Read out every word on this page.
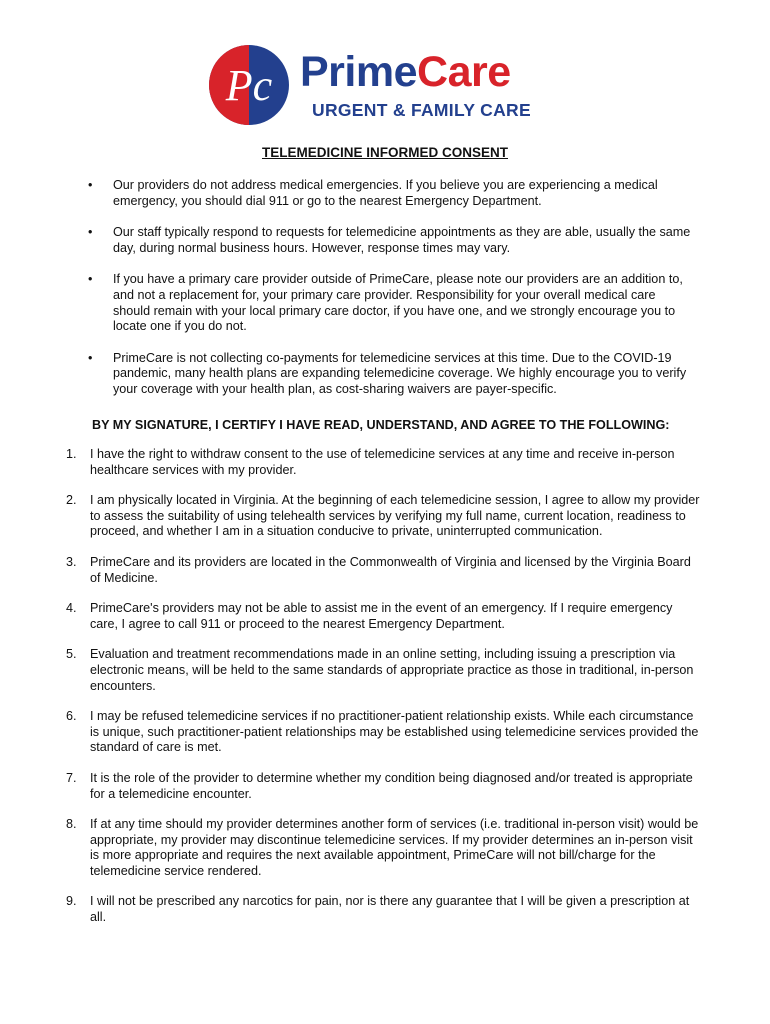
Pc PrimeCare
URGENT & FAMILY CARE
TELEMEDICINE INFORMED CONSENT
• Our providers do not address medical emergencies. If you believe you are experiencing a medical emergency, you should dial 911 or go to the nearest Emergency Department.
• Our staff typically respond to requests for telemedicine appointments as they are able, usually the same day, during normal business hours. However, response times may vary.
• If you have a primary care provider outside of PrimeCare, please note our providers are an addition to, and not a replacement for, your primary care provider. Responsibility for your overall medical care should remain with your local primary care doctor, if you have one, and we strongly encourage you to locate one if you do not.
• PrimeCare is not collecting co-payments for telemedicine services at this time. Due to the COVID-19 pandemic, many health plans are expanding telemedicine coverage. We highly encourage you to verify your coverage with your health plan, as cost-sharing waivers are payer-specific.
BY MY SIGNATURE, I CERTIFY I HAVE READ, UNDERSTAND, AND AGREE TO THE FOLLOWING:
1. I have the right to withdraw consent to the use of telemedicine services at any time and receive in-person healthcare services with my provider.
2. I am physically located in Virginia. At the beginning of each telemedicine session, I agree to allow my provider to assess the suitability of using telehealth services by verifying my full name, current location, readiness to proceed, and whether I am in a situation conducive to private, uninterrupted communication.
3. PrimeCare and its providers are located in the Commonwealth of Virginia and licensed by the Virginia Board of Medicine.
4. PrimeCare's providers may not be able to assist me in the event of an emergency. If I require emergency care, I agree to call 911 or proceed to the nearest Emergency Department.
5. Evaluation and treatment recommendations made in an online setting, including issuing a prescription via electronic means, will be held to the same standards of appropriate practice as those in traditional, in-person encounters.
6. I may be refused telemedicine services if no practitioner-patient relationship exists. While each circumstance is unique, such practitioner-patient relationships may be established using telemedicine services provided the standard of care is met.
7. It is the role of the provider to determine whether my condition being diagnosed and/or treated is appropriate for a telemedicine encounter.
8. If at any time should my provider determines another form of services (i.e. traditional in-person visit) would be appropriate, my provider may discontinue telemedicine services. If my provider determines an in-person visit is more appropriate and requires the next available appointment, PrimeCare will not bill/charge for the telemedicine service rendered.
9. I will not be prescribed any narcotics for pain, nor is there any guarantee that I will be given a prescription at all.
